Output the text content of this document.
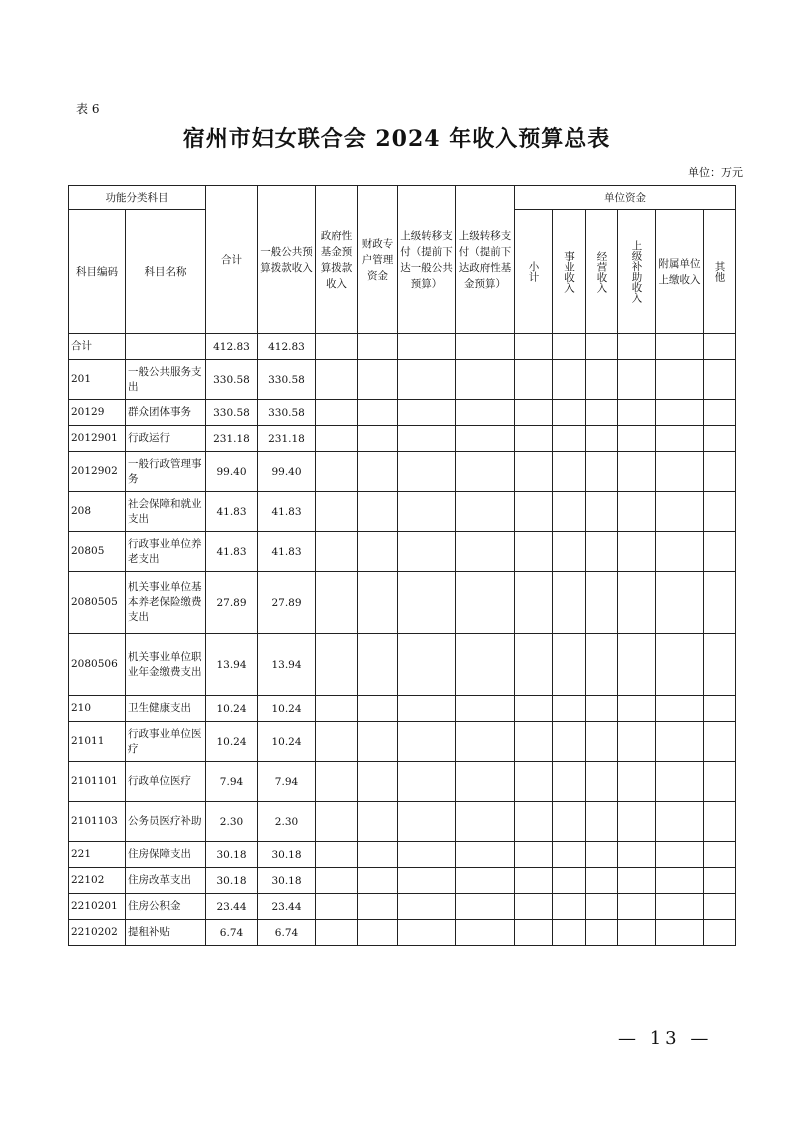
表 6
宿州市妇女联合会 2024 年收入预算总表
单位：万元
功能分类科目		合计	一般公共预算拨款收入	政府性基金预算拨款收入	财政专户管理资金	上级转移支付（提前下达一般公共预算）	上级转移支付（提前下达政府性基金预算）	单位资金					
科目编码	科目名称							小计	事业收入	经营收入	上级补助收入	附属单位上缴收入	其他

合计		412.83	412.83										
201	一般公共服务支出	330.58	330.58										
20129	群众团体事务	330.58	330.58										
2012901	行政运行	231.18	231.18										
2012902	一般行政管理事务	99.40	99.40										
208	社会保障和就业支出	41.83	41.83										
20805	行政事业单位养老支出	41.83	41.83										
2080505	机关事业单位基本养老保险缴费支出	27.89	27.89										
2080506	机关事业单位职业年金缴费支出	13.94	13.94										
210	卫生健康支出	10.24	10.24										
21011	行政事业单位医疗	10.24	10.24										
2101101	行政单位医疗	7.94	7.94										
2101103	公务员医疗补助	2.30	2.30										
221	住房保障支出	30.18	30.18										
22102	住房改革支出	30.18	30.18										
2210201	住房公积金	23.44	23.44										
2210202	提租补贴	6.74	6.74										
— 13 —
